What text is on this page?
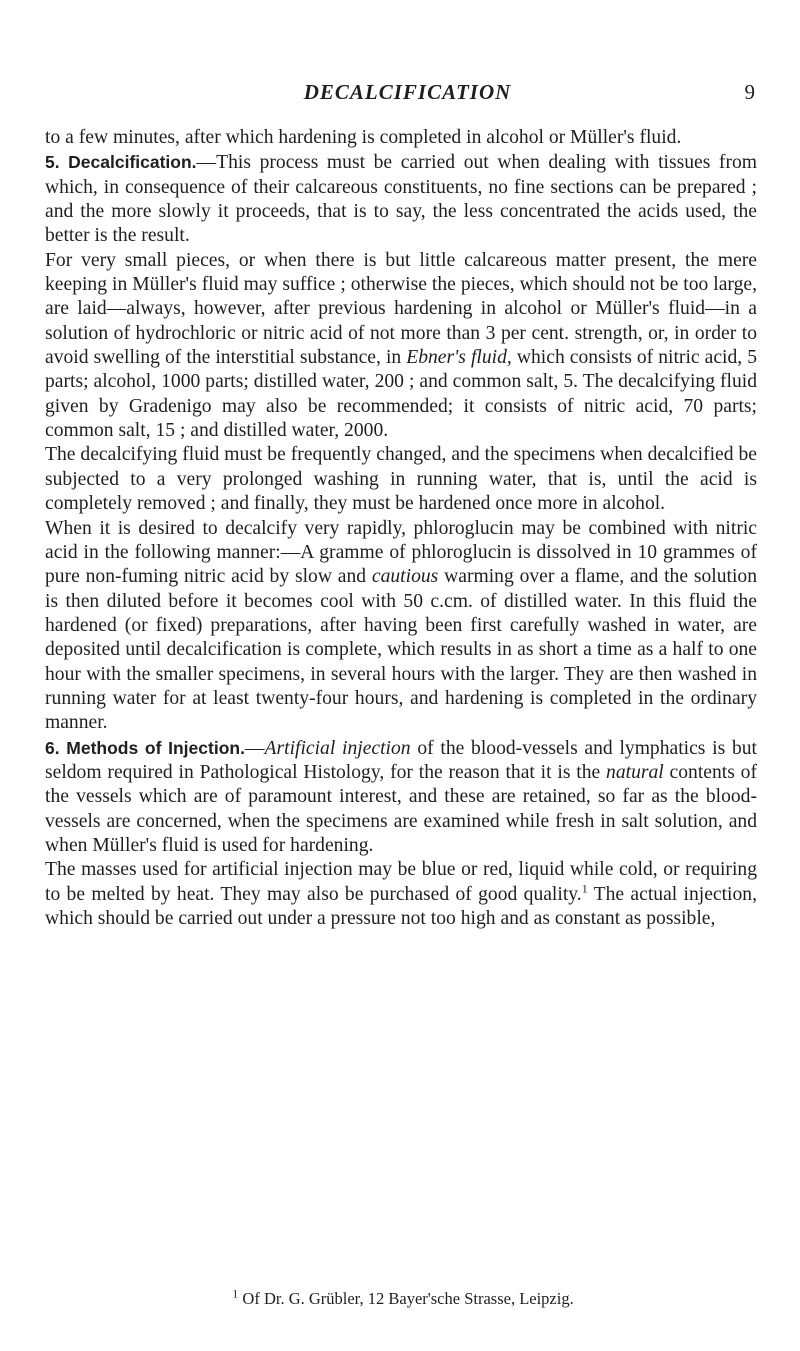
DECALCIFICATION	9

to a few minutes, after which hardening is completed in alcohol or Müller's fluid.

5. Decalcification.—This process must be carried out when dealing with tissues from which, in consequence of their calcareous constituents, no fine sections can be prepared ; and the more slowly it proceeds, that is to say, the less concentrated the acids used, the better is the result.

For very small pieces, or when there is but little calcareous matter present, the mere keeping in Müller's fluid may suffice ; otherwise the pieces, which should not be too large, are laid—always, however, after previous hardening in alcohol or Müller's fluid—in a solution of hydrochloric or nitric acid of not more than 3 per cent. strength, or, in order to avoid swelling of the interstitial substance, in Ebner's fluid, which consists of nitric acid, 5 parts; alcohol, 1000 parts; distilled water, 200 ; and common salt, 5. The decalcifying fluid given by Gradenigo may also be recommended; it consists of nitric acid, 70 parts; common salt, 15 ; and distilled water, 2000.

The decalcifying fluid must be frequently changed, and the specimens when decalcified be subjected to a very prolonged washing in running water, that is, until the acid is completely removed ; and finally, they must be hardened once more in alcohol.

When it is desired to decalcify very rapidly, phloroglucin may be combined with nitric acid in the following manner:—A gramme of phloroglucin is dissolved in 10 grammes of pure non-fuming nitric acid by slow and cautious warming over a flame, and the solution is then diluted before it becomes cool with 50 c.cm. of distilled water. In this fluid the hardened (or fixed) preparations, after having been first carefully washed in water, are deposited until decalcification is complete, which results in as short a time as a half to one hour with the smaller specimens, in several hours with the larger. They are then washed in running water for at least twenty-four hours, and hardening is completed in the ordinary manner.

6. Methods of Injection.—Artificial injection of the blood-vessels and lymphatics is but seldom required in Pathological Histology, for the reason that it is the natural contents of the vessels which are of paramount interest, and these are retained, so far as the blood-vessels are concerned, when the specimens are examined while fresh in salt solution, and when Müller's fluid is used for hardening.

The masses used for artificial injection may be blue or red, liquid while cold, or requiring to be melted by heat. They may also be purchased of good quality.$^1$ The actual injection, which should be carried out under a pressure not too high and as constant as possible,

$^1$ Of Dr. G. Grübler, 12 Bayer'sche Strasse, Leipzig.
